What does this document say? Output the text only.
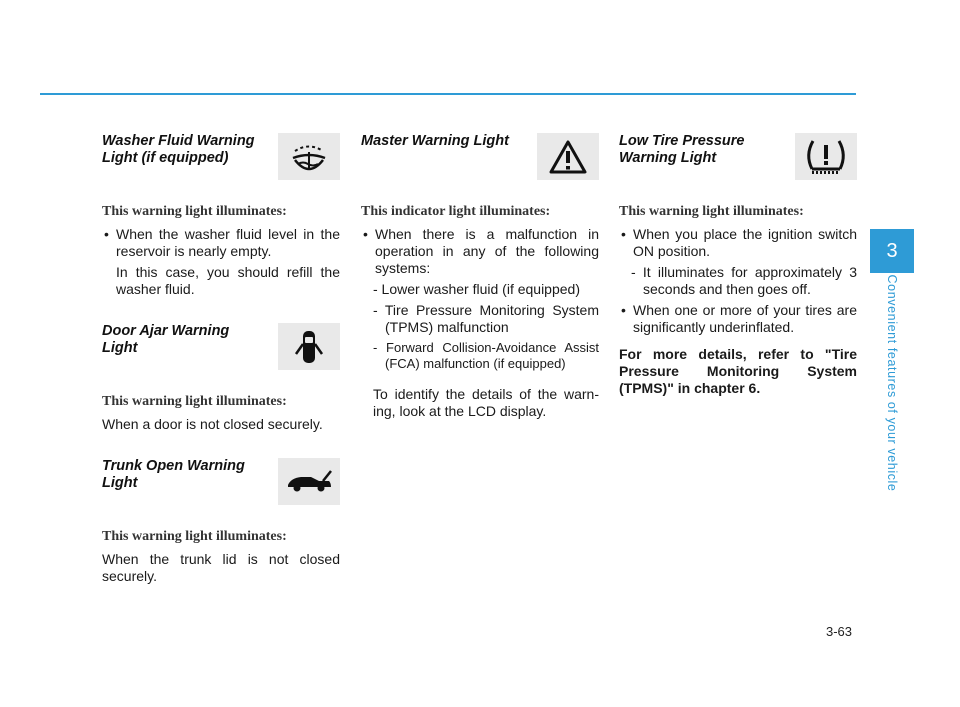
Washer Fluid Warning Light (if equipped)
This warning light illuminates:
• When the washer fluid level in the reservoir is nearly empty.

In this case, you should refill the washer fluid.

Door Ajar Warning Light
This warning light illuminates:

When a door is not closed securely.

Trunk Open Warning Light
This warning light illuminates:

When the trunk lid is not closed securely.

Master Warning Light
This indicator light illuminates:
• When there is a malfunction in operation in any of the following systems:
- Lower washer fluid (if equipped)
- Tire Pressure Monitoring System (TPMS) malfunction
- Forward Collision-Avoidance Assist (FCA) malfunction (if equipped)

To identify the details of the warn- ing, look at the LCD display.

Low Tire Pressure Warning Light
This warning light illuminates:
• When you place the ignition switch ON position.
- It illuminates for approximately 3 seconds and then goes off.
• When one or more of your tires are significantly underinflated.

For more details, refer to "Tire Pressure Monitoring System (TPMS)" in chapter 6.

3
Convenient features of your vehicle
3-63
